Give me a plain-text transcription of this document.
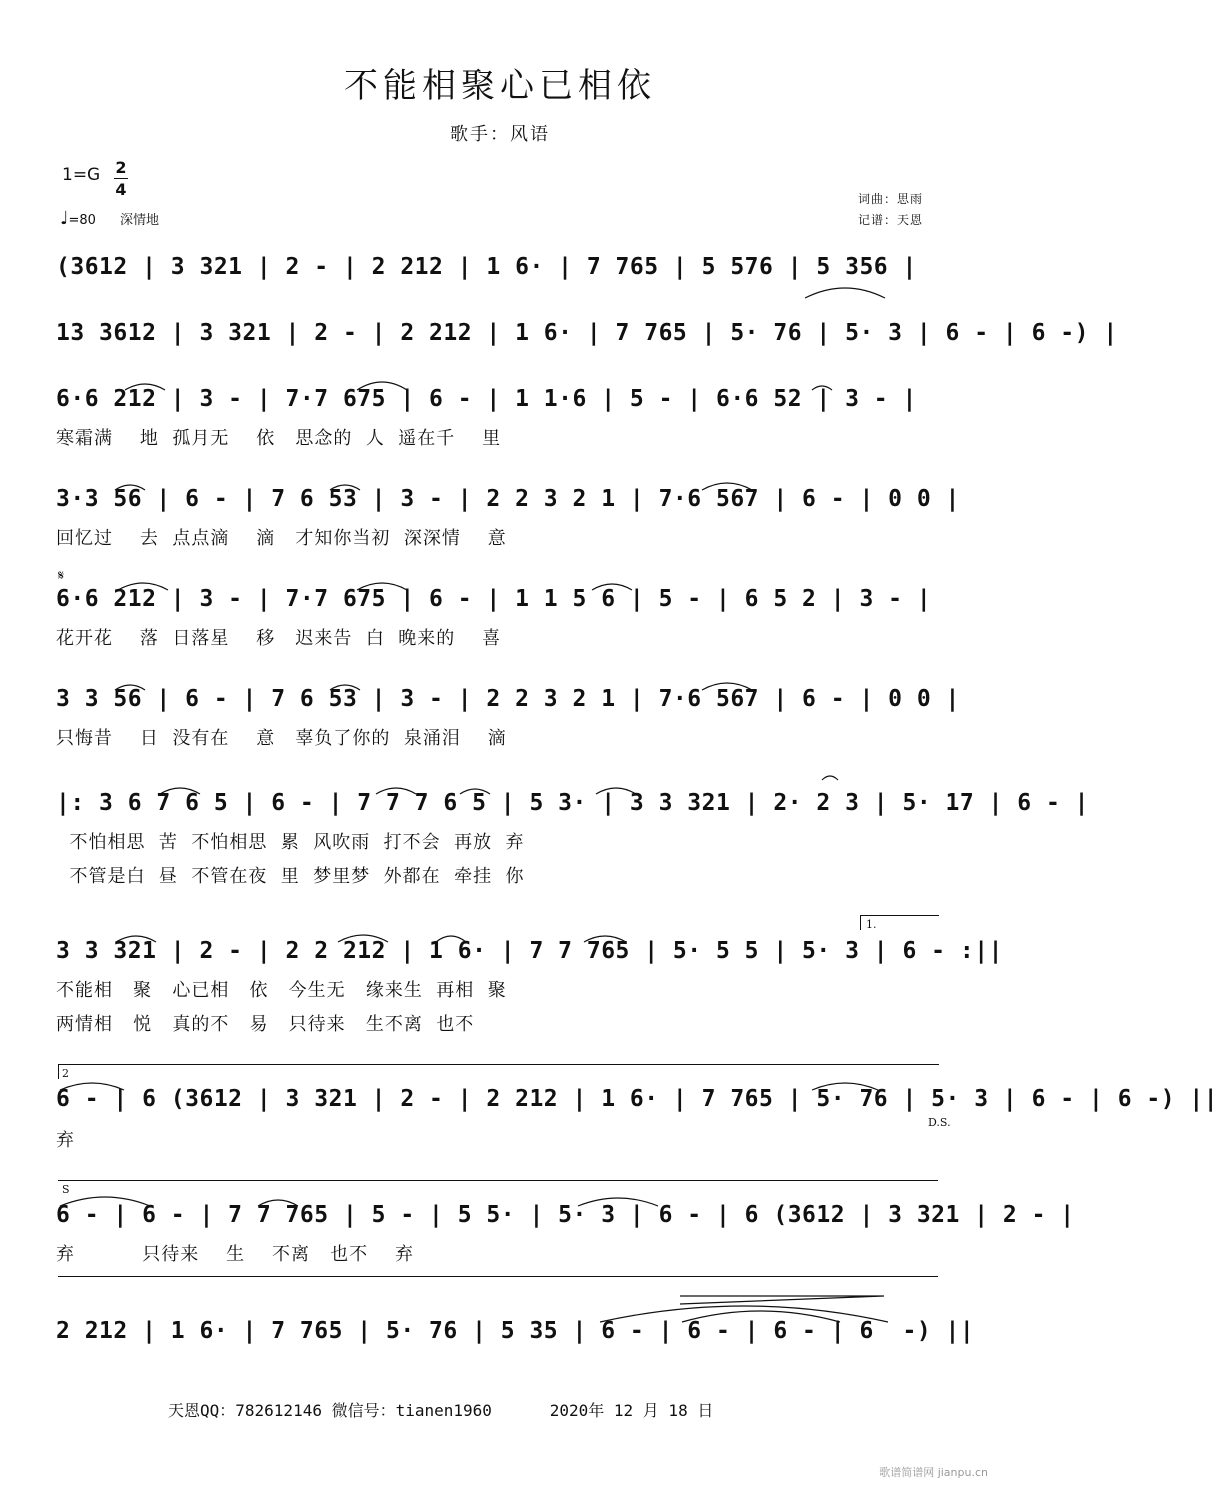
不能相聚心已相依
歌手：风语
1=G 2
4
♩=80 深情地
词曲：思雨
记谱：天恩
(3612 | 3 321 | 2 - | 2 212 | 1 6· | 7 765 | 5 576 | 5 356 |
13 3612 | 3 321 | 2 - | 2 212 | 1 6· | 7 765 | 5· 76 | 5· 3 | 6 - | 6 -) |
6·6 212 | 3 - | 7·7 675 | 6 - | 1 1·6 | 5 - | 6·6 52 | 3 - |
寒霜满    地  孤月无    依   思念的  人  遥在千    里
3·3 56 | 6 - | 7 6 53 | 3 - | 2 2 3 2 1 | 7·6 567 | 6 - | 0 0 |
回忆过    去  点点滴    滴   才知你当初  深深情    意
𝄋
6·6 212 | 3 - | 7·7 675 | 6 - | 1 1 5 6 | 5 - | 6 5 2 | 3 - |
花开花    落  日落星    移   迟来告  白  晚来的    喜
3 3 56 | 6 - | 7 6 53 | 3 - | 2 2 3 2 1 | 7·6 567 | 6 - | 0 0 |
只悔昔    日  没有在    意   辜负了你的  泉涌泪    滴
|: 3 6 7 6 5 | 6 - | 7 7 7 6 5 | 5 3· | 3 3 321 | 2· 2 3 | 5· 17 | 6 - |
不怕相思  苦  不怕相思  累  风吹雨  打不会  再放  弃
不管是白  昼  不管在夜  里  梦里梦  外都在  牵挂  你
1.
3 3 321 | 2 - | 2 2 212 | 1 6· | 7 7 765 | 5· 5 5 | 5· 3 | 6 - :||
不能相   聚   心已相   依   今生无   缘来生  再相  聚
两情相   悦   真的不   易   只待来   生不离  也不
2
6 - | 6 (3612 | 3 321 | 2 - | 2 212 | 1 6· | 7 765 | 5· 76 | 5· 3 | 6 - | 6 -) ||
D.S.
弃
S
6 - | 6 - | 7 7 765 | 5 - | 5 5· | 5· 3 | 6 - | 6 (3612 | 3 321 | 2 - |
弃          只待来    生    不离   也不    弃
2 212 | 1 6· | 7 765 | 5· 76 | 5 35 | 6 - | 6 - | 6 - | 6  -) ||
天恩QQ：782612146 微信号：tianen1960	2020年 12 月 18 日
歌谱简谱网 jianpu.cn
